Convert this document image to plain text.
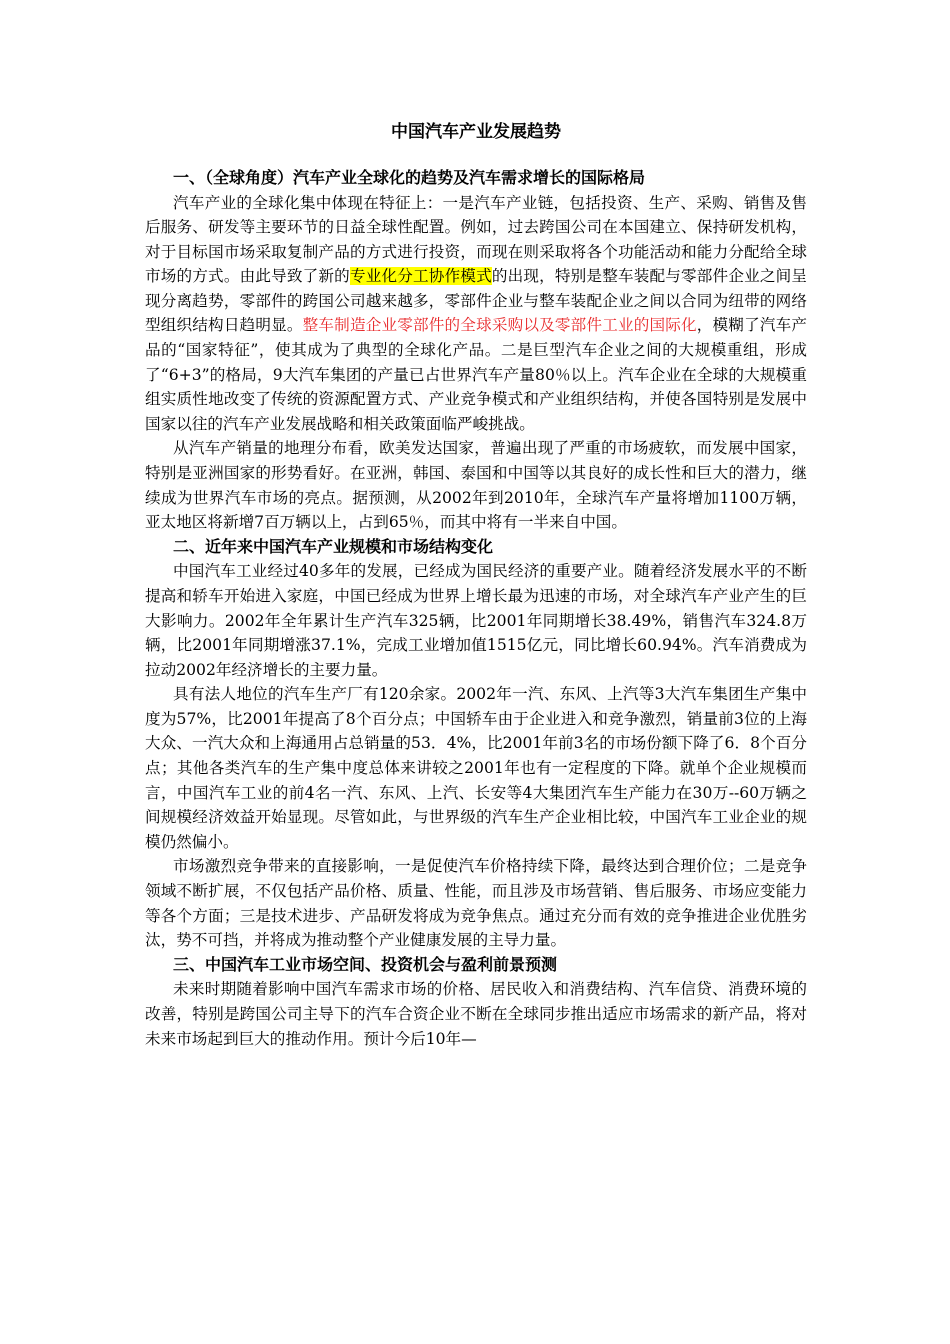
中国汽车产业发展趋势
一、（全球角度）汽车产业全球化的趋势及汽车需求增长的国际格局

汽车产业的全球化集中体现在特征上：一是汽车产业链，包括投资、生产、采购、销售及售后服务、研发等主要环节的日益全球性配置。例如，过去跨国公司在本国建立、保持研发机构，对于目标国市场采取复制产品的方式进行投资，而现在则采取将各个功能活动和能力分配给全球市场的方式。由此导致了新的专业化分工协作模式的出现，特别是整车装配与零部件企业之间呈现分离趋势，零部件的跨国公司越来越多，零部件企业与整车装配企业之间以合同为纽带的网络型组织结构日趋明显。整车制造企业零部件的全球采购以及零部件工业的国际化，模糊了汽车产品的“国家特征”，使其成为了典型的全球化产品。二是巨型汽车企业之间的大规模重组，形成了“6+3”的格局，9大汽车集团的产量已占世界汽车产量80％以上。汽车企业在全球的大规模重组实质性地改变了传统的资源配置方式、产业竞争模式和产业组织结构，并使各国特别是发展中国家以往的汽车产业发展战略和相关政策面临严峻挑战。

从汽车产销量的地理分布看，欧美发达国家，普遍出现了严重的市场疲软，而发展中国家，特别是亚洲国家的形势看好。在亚洲，韩国、泰国和中国等以其良好的成长性和巨大的潜力，继续成为世界汽车市场的亮点。据预测，从2002年到2010年，全球汽车产量将增加1100万辆，亚太地区将新增7百万辆以上，占到65％，而其中将有一半来自中国。

二、近年来中国汽车产业规模和市场结构变化

中国汽车工业经过40多年的发展，已经成为国民经济的重要产业。随着经济发展水平的不断提高和轿车开始进入家庭，中国已经成为世界上增长最为迅速的市场，对全球汽车产业产生的巨大影响力。2002年全年累计生产汽车325辆，比2001年同期增长38.49%，销售汽车324.8万辆，比2001年同期增涨37.1%，完成工业增加值1515亿元，同比增长60.94%。汽车消费成为拉动2002年经济增长的主要力量。

具有法人地位的汽车生产厂有120余家。2002年一汽、东风、上汽等3大汽车集团生产集中度为57%，比2001年提高了8个百分点；中国轿车由于企业进入和竞争激烈，销量前3位的上海大众、一汽大众和上海通用占总销量的53．4%，比2001年前3名的市场份额下降了6．8个百分点；其他各类汽车的生产集中度总体来讲较之2001年也有一定程度的下降。就单个企业规模而言，中国汽车工业的前4名一汽、东风、上汽、长安等4大集团汽车生产能力在30万--60万辆之间规模经济效益开始显现。尽管如此，与世界级的汽车生产企业相比较，中国汽车工业企业的规模仍然偏小。

市场激烈竞争带来的直接影响，一是促使汽车价格持续下降，最终达到合理价位；二是竞争领域不断扩展，不仅包括产品价格、质量、性能，而且涉及市场营销、售后服务、市场应变能力等各个方面；三是技术进步、产品研发将成为竞争焦点。通过充分而有效的竞争推进企业优胜劣汰，势不可挡，并将成为推动整个产业健康发展的主导力量。

三、中国汽车工业市场空间、投资机会与盈利前景预测

未来时期随着影响中国汽车需求市场的价格、居民收入和消费结构、汽车信贷、消费环境的改善，特别是跨国公司主导下的汽车合资企业不断在全球同步推出适应市场需求的新产品，将对未来市场起到巨大的推动作用。预计今后10年—
